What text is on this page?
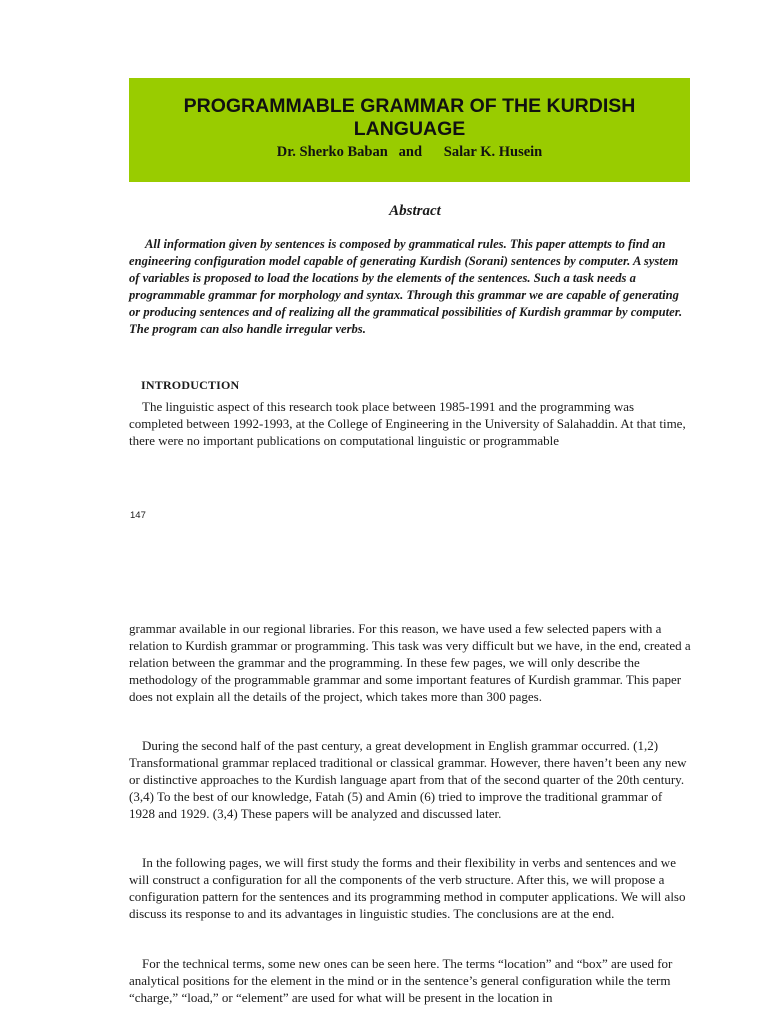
PROGRAMMABLE GRAMMAR OF THE KURDISH LANGUAGE
Dr. Sherko Baban   and      Salar K. Husein
Abstract

All information given by sentences is composed by grammatical rules. This paper attempts to find an engineering configuration model capable of generating Kurdish (Sorani) sentences by computer. A system of variables is proposed to load the locations by the elements of the sentences. Such a task needs a programmable grammar for morphology and syntax. Through this grammar we are capable of generating or producing sentences and of realizing all the grammatical possibilities of Kurdish grammar by computer. The program can also handle irregular verbs.

INTRODUCTION

The linguistic aspect of this research took place between 1985-1991 and the programming was completed between 1992-1993, at the College of Engineering in the University of Salahaddin. At that time, there were no important publications on computational linguistic or programmable

147

grammar available in our regional libraries. For this reason, we have used a few selected papers with a relation to Kurdish grammar or programming. This task was very difficult but we have, in the end, created a relation between the grammar and the programming. In these few pages, we will only describe the methodology of the programmable grammar and some important features of Kurdish grammar. This paper does not explain all the details of the project, which takes more than 300 pages.

During the second half of the past century, a great development in English grammar occurred. (1,2) Transformational grammar replaced traditional or classical grammar. However, there haven’t been any new or distinctive approaches to the Kurdish language apart from that of the second quarter of the 20th century. (3,4) To the best of our knowledge, Fatah (5) and Amin (6) tried to improve the traditional grammar of 1928 and 1929. (3,4) These papers will be analyzed and discussed later.

In the following pages, we will first study the forms and their flexibility in verbs and sentences and we will construct a configuration for all the components of the verb structure. After this, we will propose a configuration pattern for the sentences and its programming method in computer applications. We will also discuss its response to and its advantages in linguistic studies. The conclusions are at the end.

For the technical terms, some new ones can be seen here. The terms “location” and “box” are used for analytical positions for the element in the mind or in the sentence’s general configuration while the term “charge,” “load,” or “element” are used for what will be present in the location in
